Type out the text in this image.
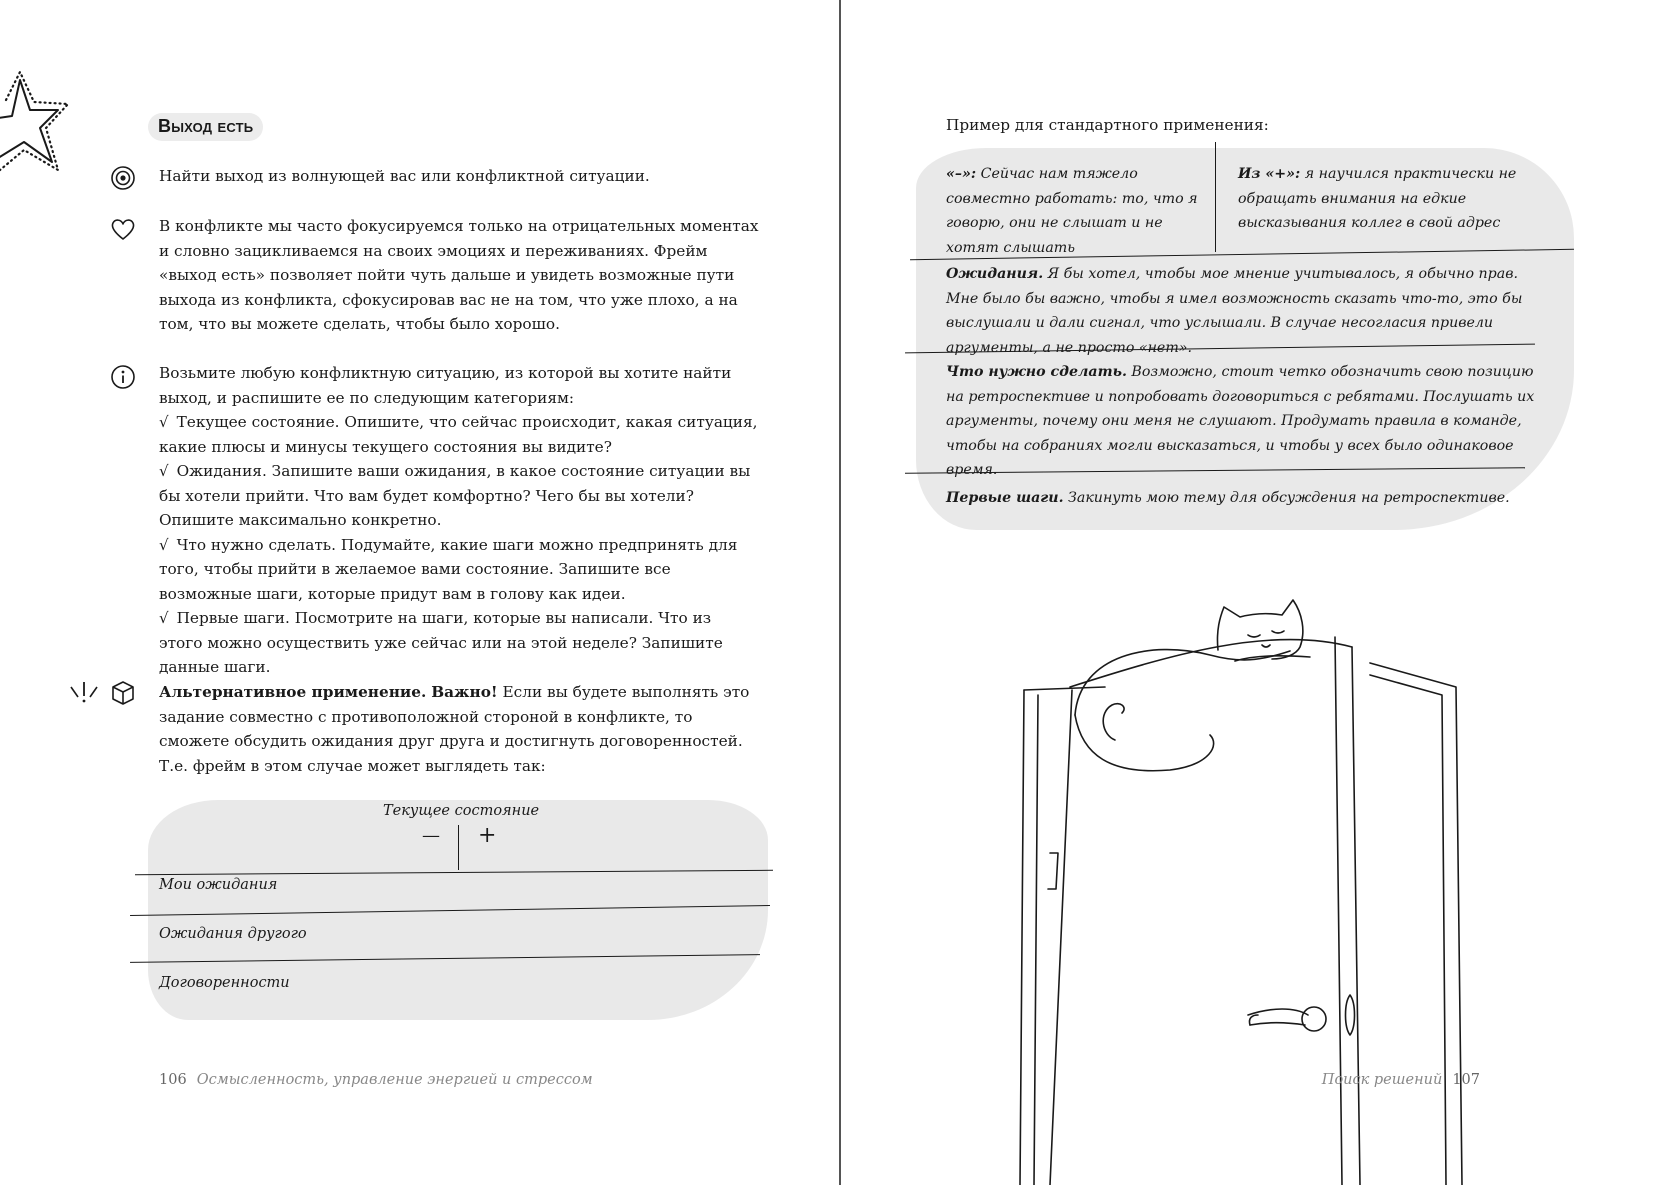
Выход есть

Найти выход из волнующей вас или конфликтной ситуации.

В конфликте мы часто фокусируемся только на отрицательных моментах и словно зацикливаемся на своих эмоциях и переживаниях. Фрейм «выход есть» позволяет пойти чуть дальше и увидеть возможные пути выхода из конфликта, сфокусировав вас не на том, что уже плохо, а на том, что вы можете сделать, чтобы было хорошо.

Возьмите любую конфликтную ситуацию, из которой вы хотите найти выход, и распишите ее по следующим категориям:

√ Текущее состояние. Опишите, что сейчас происходит, какая ситуация, какие плюсы и минусы текущего состояния вы видите?

√ Ожидания. Запишите ваши ожидания, в какое состояние ситуации вы бы хотели прийти. Что вам будет комфортно? Чего бы вы хотели? Опишите максимально конкретно.

√ Что нужно сделать. Подумайте, какие шаги можно предпринять для того, чтобы прийти в желаемое вами состояние. Запишите все возможные шаги, которые придут вам в голову как идеи.

√ Первые шаги. Посмотрите на шаги, которые вы написали. Что из этого можно осуществить уже сейчас или на этой неделе? Запишите данные шаги.

Альтернативное применение. Важно! Если вы будете выполнять это задание совместно с противоположной стороной в конфликте, то сможете обсудить ожидания друг друга и достигнуть договоренностей. Т.е. фрейм в этом случае может выглядеть так:

Текущее состояние
— +
Мои ожидания
Ожидания другого
Договоренности
106 Осмысленность, управление энергией и стрессом
Пример для стандартного применения:

«–»: Сейчас нам тяжело совместно работать: то, что я говорю, они не слышат и не хотят слышать

Из «+»: я научился практически не обращать внимания на едкие высказывания коллег в свой адрес

Ожидания. Я бы хотел, чтобы мое мнение учитывалось, я обычно прав. Мне было бы важно, чтобы я имел возможность сказать что-то, это бы выслушали и дали сигнал, что услышали. В случае несогласия привели аргументы, а не просто «нет».

Что нужно сделать. Возможно, стоит четко обозначить свою позицию на ретроспективе и попробовать договориться с ребятами. Послушать их аргументы, почему они меня не слушают. Продумать правила в команде, чтобы на собраниях могли высказаться, и чтобы у всех было одинаковое время.

Первые шаги. Закинуть мою тему для обсуждения на ретроспективе.

Поиск решений 107
